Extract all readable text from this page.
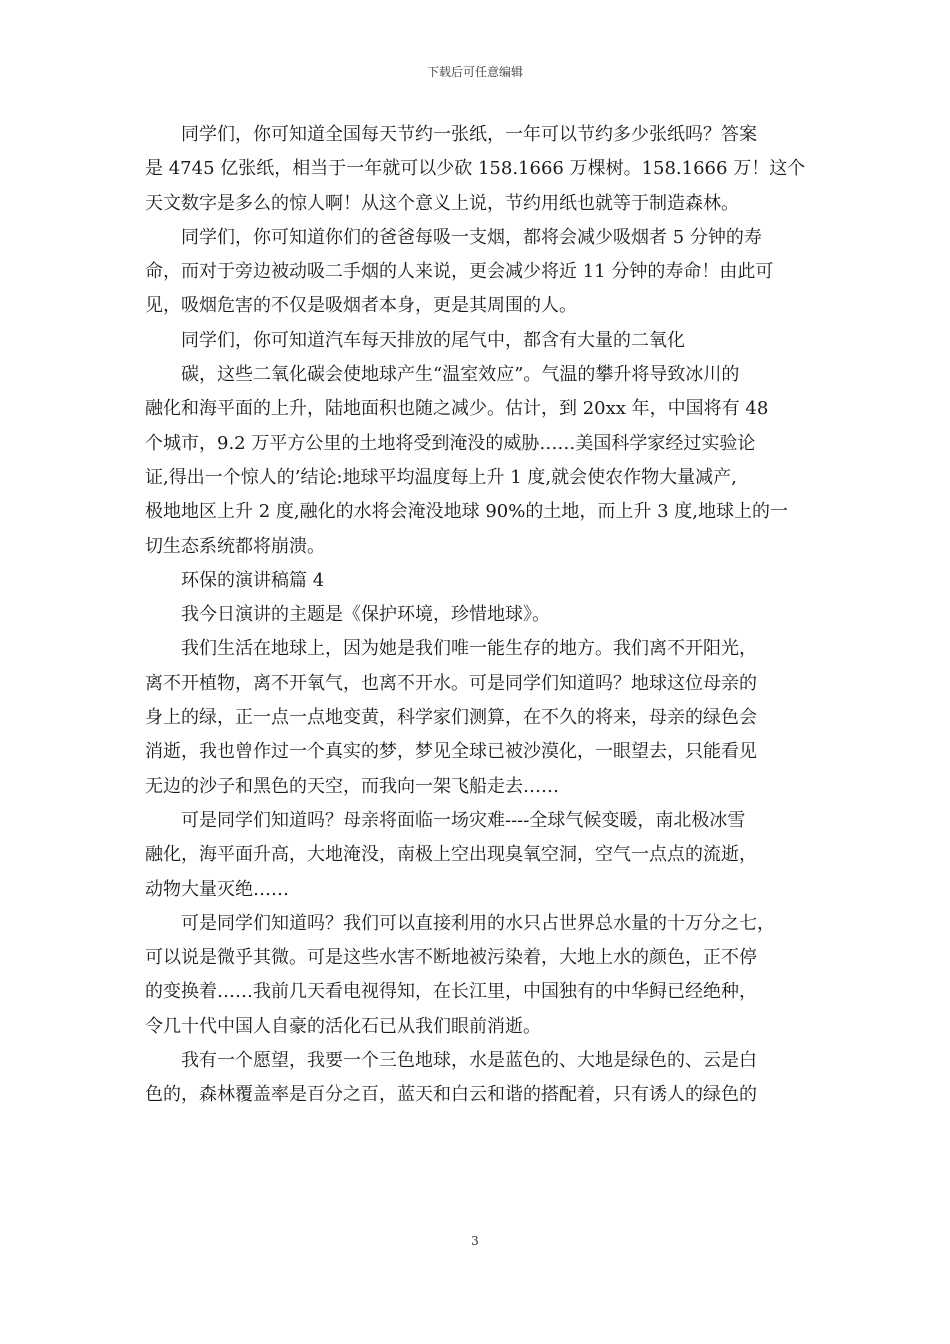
下载后可任意编辑
同学们，你可知道全国每天节约一张纸，一年可以节约多少张纸吗？答案
是 4745 亿张纸，相当于一年就可以少砍 158.1666 万棵树。158.1666 万！这个
天文数字是多么的惊人啊！从这个意义上说，节约用纸也就等于制造森林。
同学们，你可知道你们的爸爸每吸一支烟，都将会减少吸烟者 5 分钟的寿
命，而对于旁边被动吸二手烟的人来说，更会减少将近 11 分钟的寿命！由此可
见，吸烟危害的不仅是吸烟者本身，更是其周围的人。
同学们，你可知道汽车每天排放的尾气中，都含有大量的二氧化
碳，这些二氧化碳会使地球产生“温室效应”。气温的攀升将导致冰川的
融化和海平面的上升，陆地面积也随之减少。估计，到 20xx 年，中国将有 48
个城市，9.2 万平方公里的土地将受到淹没的威胁……美国科学家经过实验论
证,得出一个惊人的’结论:地球平均温度每上升 1 度,就会使农作物大量减产,
极地地区上升 2 度,融化的水将会淹没地球 90%的土地，而上升 3 度,地球上的一
切生态系统都将崩溃。
环保的演讲稿篇 4
我今日演讲的主题是《保护环境，珍惜地球》。
我们生活在地球上，因为她是我们唯一能生存的地方。我们离不开阳光，
离不开植物，离不开氧气，也离不开水。可是同学们知道吗？地球这位母亲的
身上的绿，正一点一点地变黄，科学家们测算，在不久的将来，母亲的绿色会
消逝，我也曾作过一个真实的梦，梦见全球已被沙漠化，一眼望去，只能看见
无边的沙子和黑色的天空，而我向一架飞船走去……
可是同学们知道吗？母亲将面临一场灾难----全球气候变暖，南北极冰雪
融化，海平面升高，大地淹没，南极上空出现臭氧空洞，空气一点点的流逝，
动物大量灭绝……
可是同学们知道吗？我们可以直接利用的水只占世界总水量的十万分之七，
可以说是微乎其微。可是这些水害不断地被污染着，大地上水的颜色，正不停
的变换着……我前几天看电视得知，在长江里，中国独有的中华鲟已经绝种，
令几十代中国人自豪的活化石已从我们眼前消逝。
我有一个愿望，我要一个三色地球，水是蓝色的、大地是绿色的、云是白
色的，森林覆盖率是百分之百，蓝天和白云和谐的搭配着，只有诱人的绿色的
3
